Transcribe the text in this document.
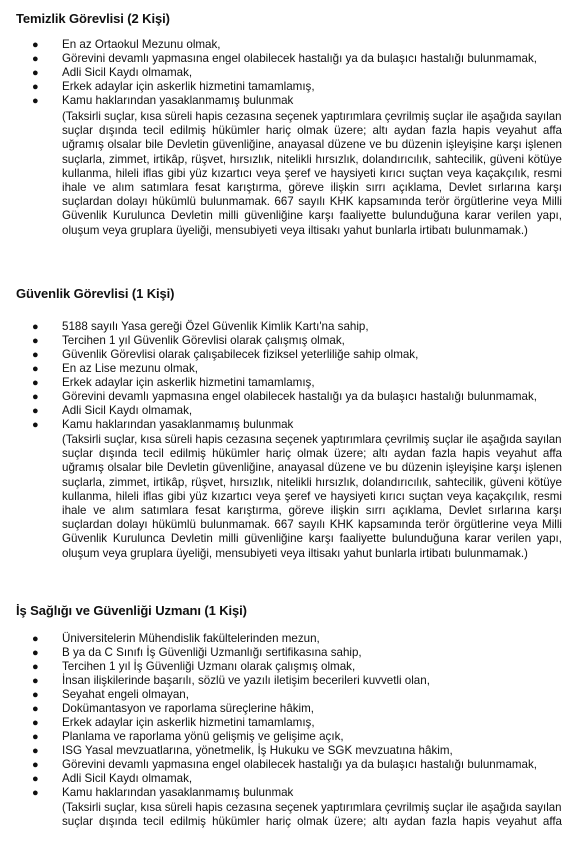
Temizlik Görevlisi (2 Kişi)
● En az Ortaokul Mezunu olmak,
● Görevini devamlı yapmasına engel olabilecek hastalığı ya da bulaşıcı hastalığı bulunmamak,
● Adli Sicil Kaydı olmamak,
● Erkek adaylar için askerlik hizmetini tamamlamış,
● Kamu haklarından yasaklanmamış bulunmak
(Taksirli suçlar, kısa süreli hapis cezasına seçenek yaptırımlara çevrilmiş suçlar ile aşağıda sayılan
suçlar dışında tecil edilmiş hükümler hariç olmak üzere; altı aydan fazla hapis veyahut affa
uğramış olsalar bile Devletin güvenliğine, anayasal düzene ve bu düzenin işleyişine karşı işlenen
suçlarla, zimmet, irtikâp, rüşvet, hırsızlık, nitelikli hırsızlık, dolandırıcılık, sahtecilik, güveni kötüye
kullanma, hileli iflas gibi yüz kızartıcı veya şeref ve haysiyeti kırıcı suçtan veya kaçakçılık, resmi
ihale ve alım satımlara fesat karıştırma, göreve ilişkin sırrı açıklama, Devlet sırlarına karşı
suçlardan dolayı hükümlü bulunmamak. 667 sayılı KHK kapsamında terör örgütlerine veya Milli
Güvenlik Kurulunca Devletin milli güvenliğine karşı faaliyette bulunduğuna karar verilen yapı,
oluşum veya gruplara üyeliği, mensubiyeti veya iltisakı yahut bunlarla irtibatı bulunmamak.)
Güvenlik Görevlisi (1 Kişi)
● 5188 sayılı Yasa gereği Özel Güvenlik Kimlik Kartı'na sahip,
● Tercihen 1 yıl Güvenlik Görevlisi olarak çalışmış olmak,
● Güvenlik Görevlisi olarak çalışabilecek fiziksel yeterliliğe sahip olmak,
● En az Lise mezunu olmak,
● Erkek adaylar için askerlik hizmetini tamamlamış,
● Görevini devamlı yapmasına engel olabilecek hastalığı ya da bulaşıcı hastalığı bulunmamak,
● Adli Sicil Kaydı olmamak,
● Kamu haklarından yasaklanmamış bulunmak
(Taksirli suçlar, kısa süreli hapis cezasına seçenek yaptırımlara çevrilmiş suçlar ile aşağıda sayılan
suçlar dışında tecil edilmiş hükümler hariç olmak üzere; altı aydan fazla hapis veyahut affa
uğramış olsalar bile Devletin güvenliğine, anayasal düzene ve bu düzenin işleyişine karşı işlenen
suçlarla, zimmet, irtikâp, rüşvet, hırsızlık, nitelikli hırsızlık, dolandırıcılık, sahtecilik, güveni kötüye
kullanma, hileli iflas gibi yüz kızartıcı veya şeref ve haysiyeti kırıcı suçtan veya kaçakçılık, resmi
ihale ve alım satımlara fesat karıştırma, göreve ilişkin sırrı açıklama, Devlet sırlarına karşı
suçlardan dolayı hükümlü bulunmamak. 667 sayılı KHK kapsamında terör örgütlerine veya Milli
Güvenlik Kurulunca Devletin milli güvenliğine karşı faaliyette bulunduğuna karar verilen yapı,
oluşum veya gruplara üyeliği, mensubiyeti veya iltisakı yahut bunlarla irtibatı bulunmamak.)
İş Sağlığı ve Güvenliği Uzmanı (1 Kişi)
● Üniversitelerin Mühendislik fakültelerinden mezun,
● B ya da C Sınıfı İş Güvenliği Uzmanlığı sertifikasına sahip,
● Tercihen 1 yıl İş Güvenliği Uzmanı olarak çalışmış olmak,
● İnsan ilişkilerinde başarılı, sözlü ve yazılı iletişim becerileri kuvvetli olan,
● Seyahat engeli olmayan,
● Dokümantasyon ve raporlama süreçlerine hâkim,
● Erkek adaylar için askerlik hizmetini tamamlamış,
● Planlama ve raporlama yönü gelişmiş ve gelişime açık,
● ISG Yasal mevzuatlarına, yönetmelik, İş Hukuku ve SGK mevzuatına hâkim,
● Görevini devamlı yapmasına engel olabilecek hastalığı ya da bulaşıcı hastalığı bulunmamak,
● Adli Sicil Kaydı olmamak,
● Kamu haklarından yasaklanmamış bulunmak
(Taksirli suçlar, kısa süreli hapis cezasına seçenek yaptırımlara çevrilmiş suçlar ile aşağıda sayılan
suçlar dışında tecil edilmiş hükümler hariç olmak üzere; altı aydan fazla hapis veyahut affa
